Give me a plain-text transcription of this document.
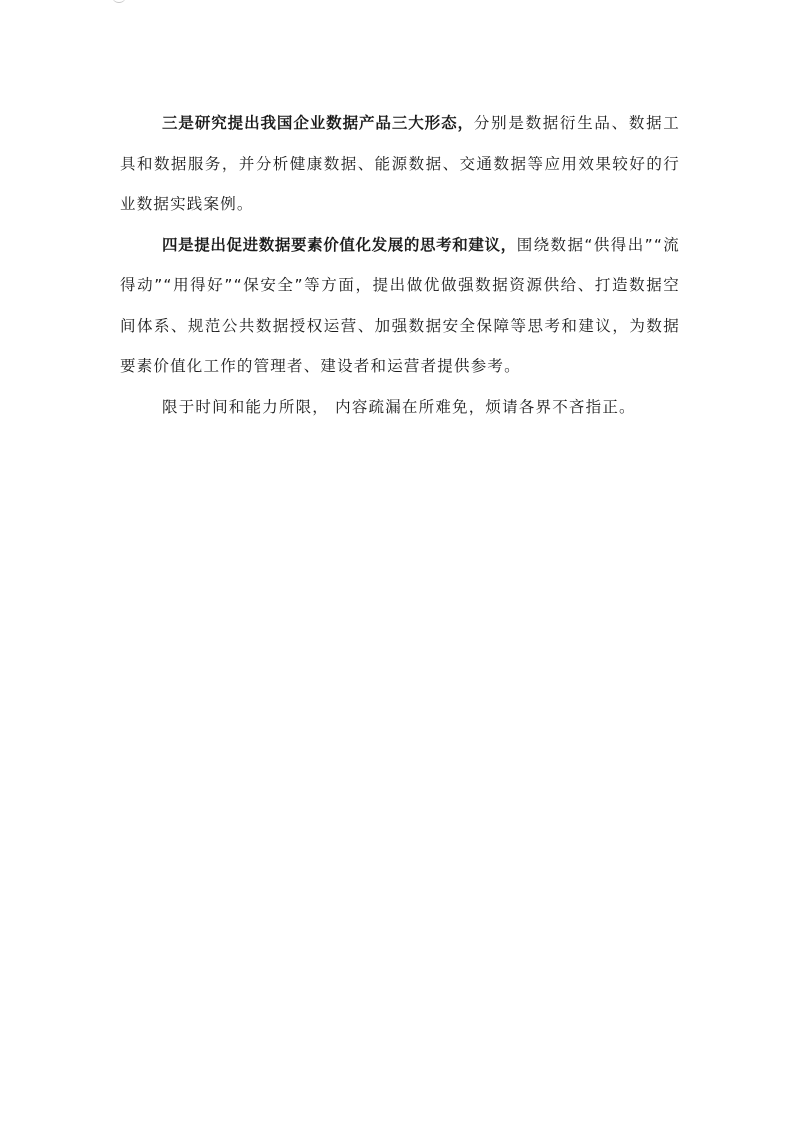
三是研究提出我国企业数据产品三大形态，分别是数据衍生品、数据工具和数据服务，并分析健康数据、能源数据、交通数据等应用效果较好的行业数据实践案例。

四是提出促进数据要素价值化发展的思考和建议，围绕数据“供得出”“流得动”“用得好”“保安全”等方面，提出做优做强数据资源供给、打造数据空间体系、规范公共数据授权运营、加强数据安全保障等思考和建议，为数据要素价值化工作的管理者、建设者和运营者提供参考。

限于时间和能力所限， 内容疏漏在所难免，烦请各界不吝指正。
